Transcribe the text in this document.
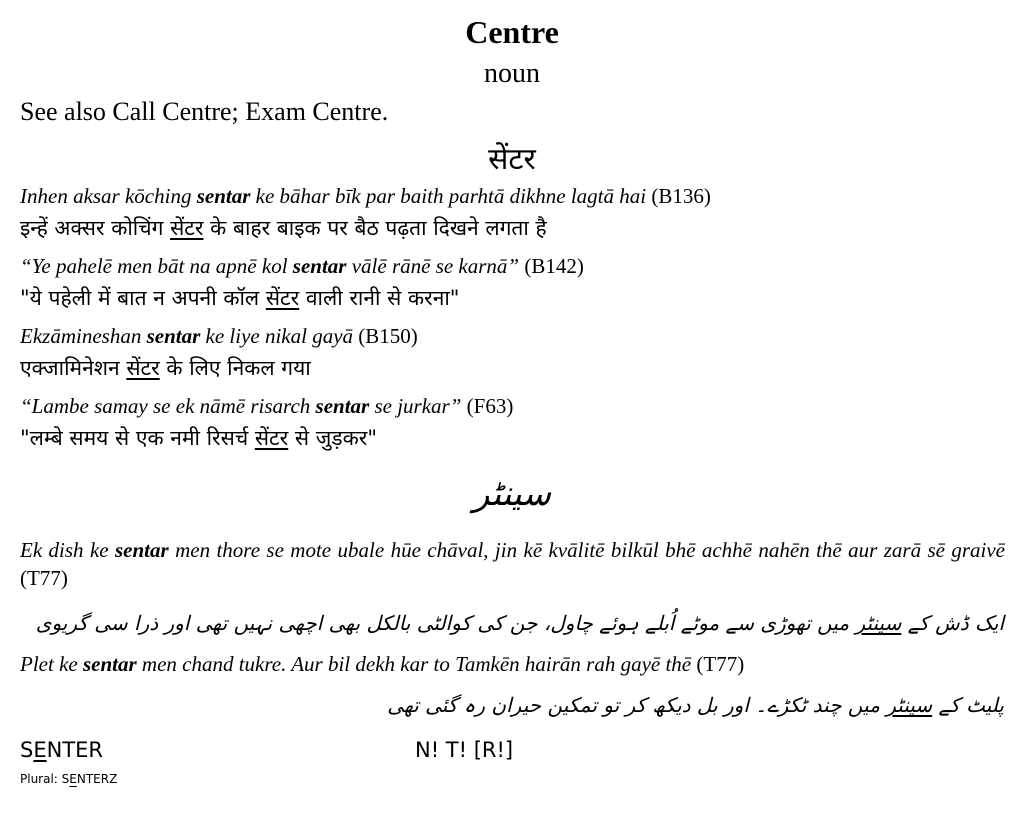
Centre
noun
See also Call Centre; Exam Centre.
सेंटर
Inhen aksar kōching sentar ke bāhar bīk par baith parhtā dikhne lagtā hai (B136)
इन्हें अक्सर कोचिंग सेंटर के बाहर बाइक पर बैठ पढ़ता दिखने लगता है
“Ye pahelē men bāt na apnē kol sentar vālē rānē se karnā” (B142)
"ये पहेली में बात न अपनी कॉल सेंटर वाली रानी से करना"
Ekzāmineshan sentar ke liye nikal gayā (B150)
एक्जामिनेशन सेंटर के लिए निकल गया
“Lambe samay se ek nāmē risarch sentar se jurkar” (F63)
"लम्बे समय से एक नमी रिसर्च सेंटर से जुड़कर"
سینٹر
Ek dish ke sentar men thore se mote ubale hūe chāval, jin kē kvālitē bilkūl bhē achhē nahēn thē aur zarā sē graivē (T77)
ایک ڈش کے سینٹر میں تھوڑی سے موٹے اُبلے ہوئے چاول، جن کی کوالٹی بالکل بھی اچھی نہیں تھی اور ذرا سی گریوی
Plet ke sentar men chand tukre. Aur bil dekh kar to Tamkēn hairān rah gayē thē (T77)
پلیٹ کے سینٹر میں چند ٹکڑے۔ اور بل دیکھ کر تو تمکین حیران رہ گئی تھی
SENTER	N! T! [R!]
Plural: SENTERZ
